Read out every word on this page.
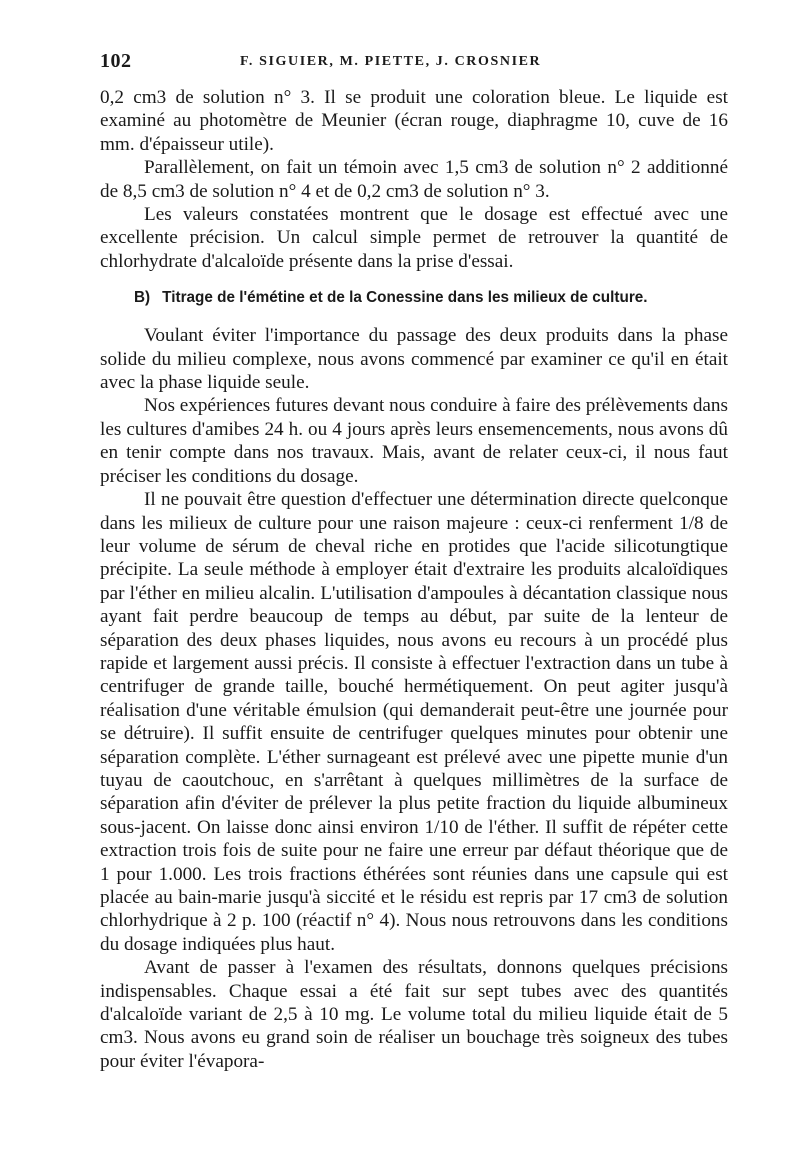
102	F. SIGUIER, M. PIETTE, J. CROSNIER

0,2 cm3 de solution n° 3. Il se produit une coloration bleue. Le liquide est examiné au photomètre de Meunier (écran rouge, diaphragme 10, cuve de 16 mm. d'épaisseur utile).

Parallèlement, on fait un témoin avec 1,5 cm3 de solution n° 2 additionné de 8,5 cm3 de solution n° 4 et de 0,2 cm3 de solution n° 3.

Les valeurs constatées montrent que le dosage est effectué avec une excellente précision. Un calcul simple permet de retrouver la quantité de chlorhydrate d'alcaloïde présente dans la prise d'essai.

B) Titrage de l'émétine et de la Conessine dans les milieux de culture.

Voulant éviter l'importance du passage des deux produits dans la phase solide du milieu complexe, nous avons commencé par examiner ce qu'il en était avec la phase liquide seule.

Nos expériences futures devant nous conduire à faire des prélèvements dans les cultures d'amibes 24 h. ou 4 jours après leurs ensemencements, nous avons dû en tenir compte dans nos travaux. Mais, avant de relater ceux-ci, il nous faut préciser les conditions du dosage.

Il ne pouvait être question d'effectuer une détermination directe quelconque dans les milieux de culture pour une raison majeure : ceux-ci renferment 1/8 de leur volume de sérum de cheval riche en protides que l'acide silicotungtique précipite. La seule méthode à employer était d'extraire les produits alcaloïdiques par l'éther en milieu alcalin. L'utilisation d'ampoules à décantation classique nous ayant fait perdre beaucoup de temps au début, par suite de la lenteur de séparation des deux phases liquides, nous avons eu recours à un procédé plus rapide et largement aussi précis. Il consiste à effectuer l'extraction dans un tube à centrifuger de grande taille, bouché hermétiquement. On peut agiter jusqu'à réalisation d'une véritable émulsion (qui demanderait peut-être une journée pour se détruire). Il suffit ensuite de centrifuger quelques minutes pour obtenir une séparation complète. L'éther surnageant est prélevé avec une pipette munie d'un tuyau de caoutchouc, en s'arrêtant à quelques millimètres de la surface de séparation afin d'éviter de prélever la plus petite fraction du liquide albumineux sous-jacent. On laisse donc ainsi environ 1/10 de l'éther. Il suffit de répéter cette extraction trois fois de suite pour ne faire une erreur par défaut théorique que de 1 pour 1.000. Les trois fractions éthérées sont réunies dans une capsule qui est placée au bain-marie jusqu'à siccité et le résidu est repris par 17 cm3 de solution chlorhydrique à 2 p. 100 (réactif n° 4). Nous nous retrouvons dans les conditions du dosage indiquées plus haut.

Avant de passer à l'examen des résultats, donnons quelques précisions indispensables. Chaque essai a été fait sur sept tubes avec des quantités d'alcaloïde variant de 2,5 à 10 mg. Le volume total du milieu liquide était de 5 cm3. Nous avons eu grand soin de réaliser un bouchage très soigneux des tubes pour éviter l'évapora-
